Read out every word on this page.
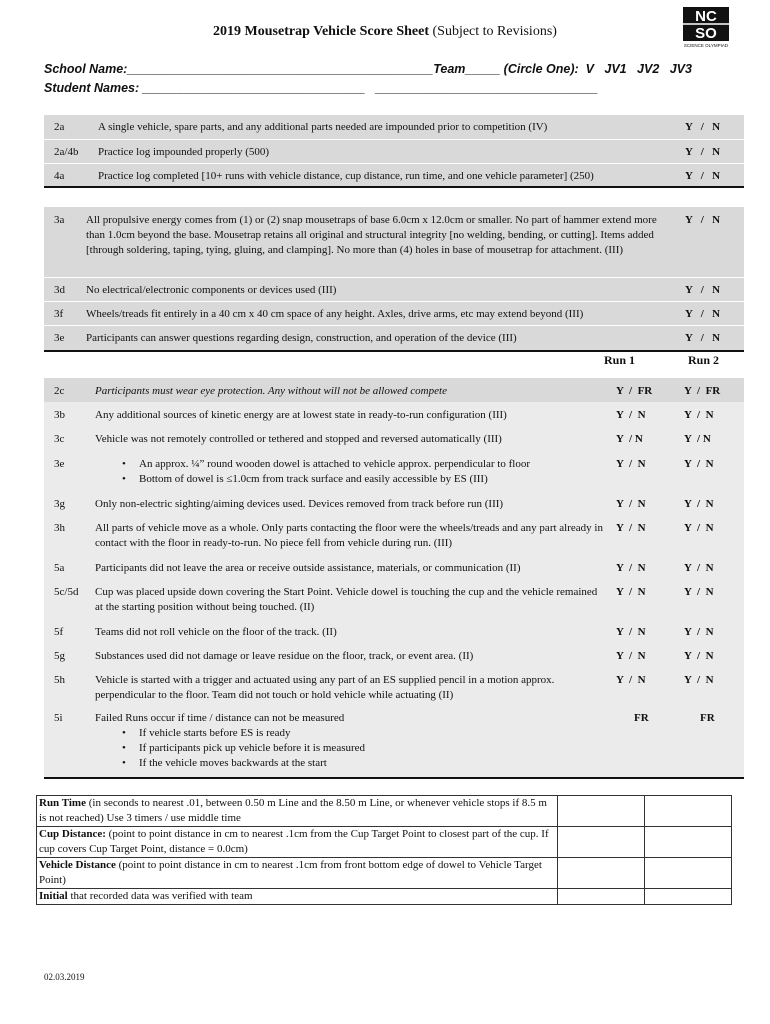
2019 Mousetrap Vehicle Score Sheet (Subject to Revisions)
NC
SO
SCIENCE OLYMPIAD
School Name:____________________________________________Team_____ (Circle One):  V   JV1   JV2   JV3
Student Names: ________________________________   ________________________________
2a	A single vehicle, spare parts, and any additional parts needed are impounded prior to competition (IV)	Y   /   N
2a/4b Practice log impounded properly (500)	Y   /   N
4a	Practice log completed [10+ runs with vehicle distance, cup distance, run time, and one vehicle parameter] (250)	Y   /   N
3a All propulsive energy comes from (1) or (2) snap mousetraps of base 6.0cm x 12.0cm or smaller. No part of hammer extend more than 1.0cm beyond the base. Mousetrap retains all original and structural integrity [no welding, bending, or cutting]. Items added [through soldering, taping, tying, gluing, and clamping]. No more than (4) holes in base of mousetrap for attachment. (III)
Y   /   N
3d No electrical/electronic components or devices used (III)	Y   /   N
3f Wheels/treads fit entirely in a 40 cm x 40 cm space of any height. Axles, drive arms, etc may extend beyond (III)	Y   /   N
3e Participants can answer questions regarding design, construction, and operation of the device (III)	Y   /   N
Run 1	Run 2
2c	Participants must wear eye protection. Any without will not be allowed compete	Y  /  FR	Y  /  FR
3b	Any additional sources of kinetic energy are at lowest state in ready-to-run configuration (III)	Y  /  N	Y  /  N
3c	Vehicle was not remotely controlled or tethered and stopped and reversed automatically (III)	Y  / N	Y  / N
3e
•	An approx. ¼” round wooden dowel is attached to vehicle approx. perpendicular to floor
• Bottom of dowel is ≤1.0cm from track surface and easily accessible by ES (III)
Y  /  N	Y  /  N
3g	Only non-electric sighting/aiming devices used. Devices removed from track before run (III)	Y  /  N	Y  /  N
3h	All parts of vehicle move as a whole. Only parts contacting the floor were the wheels/treads and any part already in contact with the floor in ready-to-run. No piece fell from vehicle during run. (III)
Y  /  N	Y  /  N
5a	Participants did not leave the area or receive outside assistance, materials, or communication (II)	Y  /  N	Y  /  N
5c/5d Cup was placed upside down covering the Start Point. Vehicle dowel is touching the cup and the vehicle remained at the starting position without being touched. (II)
Y  /  N	Y  /  N
5f	Teams did not roll vehicle on the floor of the track. (II)	Y  /  N	Y  /  N
5g	Substances used did not damage or leave residue on the floor, track, or event area. (II)	Y  /  N	Y  /  N
5h	Vehicle is started with a trigger and actuated using any part of an ES supplied pencil in a motion approx. perpendicular to the floor. Team did not touch or hold vehicle while actuating (II)
Y  /  N	Y  /  N
5i	Failed Runs occur if time / distance can not be measured
• If vehicle starts before ES is ready
• If participants pick up vehicle before it is measured
• If the vehicle moves backwards at the start
FR	FR
Run Time (in seconds to nearest .01, between 0.50 m Line and the 8.50 m Line, or whenever vehicle stops if 8.5 m is not reached) Use 3 timers / use middle time		
Cup Distance: (point to point distance in cm to nearest .1cm from the Cup Target Point to closest part of the cup. If cup covers Cup Target Point, distance = 0.0cm)		
Vehicle Distance (point to point distance in cm to nearest .1cm from front bottom edge of dowel to Vehicle Target Point)		
Initial that recorded data was verified with team		
02.03.2019
